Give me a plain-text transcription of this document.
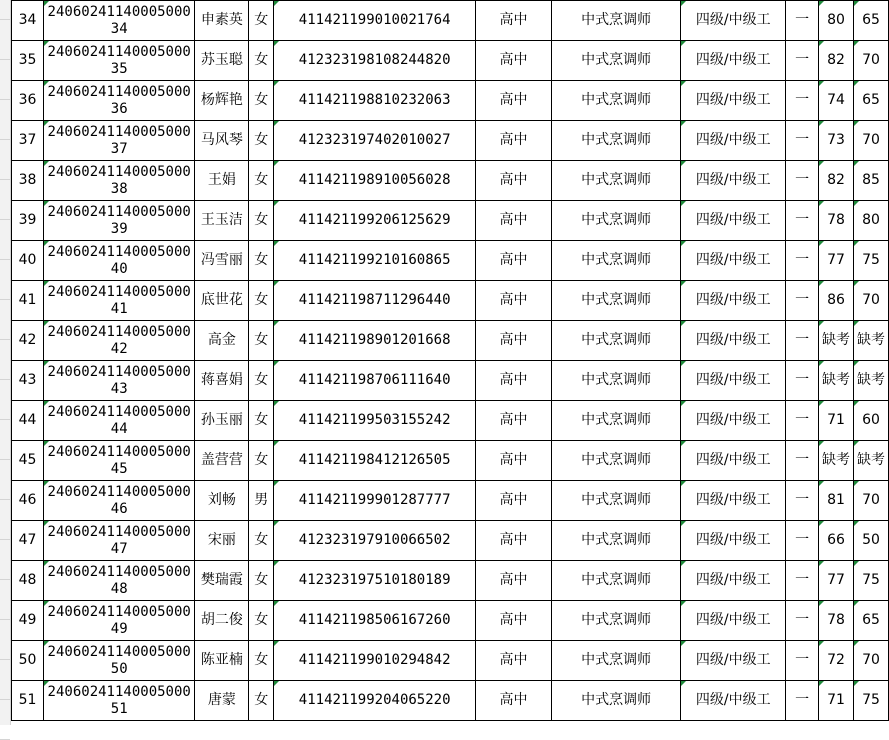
34	2406024114000500034	申素英	女	411421199010021764	高中	中式烹调师	四级/中级工	一	80	65
35	2406024114000500035	苏玉聪	女	412323198108244820	高中	中式烹调师	四级/中级工	一	82	70
36	2406024114000500036	杨辉艳	女	411421198810232063	高中	中式烹调师	四级/中级工	一	74	65
37	2406024114000500037	马风琴	女	412323197402010027	高中	中式烹调师	四级/中级工	一	73	70
38	2406024114000500038	王娟	女	411421198910056028	高中	中式烹调师	四级/中级工	一	82	85
39	2406024114000500039	王玉洁	女	411421199206125629	高中	中式烹调师	四级/中级工	一	78	80
40	2406024114000500040	冯雪丽	女	411421199210160865	高中	中式烹调师	四级/中级工	一	77	75
41	2406024114000500041	底世花	女	411421198711296440	高中	中式烹调师	四级/中级工	一	86	70
42	2406024114000500042	高金	女	411421198901201668	高中	中式烹调师	四级/中级工	一	缺考	缺考
43	2406024114000500043	蒋喜娟	女	411421198706111640	高中	中式烹调师	四级/中级工	一	缺考	缺考
44	2406024114000500044	孙玉丽	女	411421199503155242	高中	中式烹调师	四级/中级工	一	71	60
45	2406024114000500045	盖营营	女	411421198412126505	高中	中式烹调师	四级/中级工	一	缺考	缺考
46	2406024114000500046	刘畅	男	411421199901287777	高中	中式烹调师	四级/中级工	一	81	70
47	2406024114000500047	宋丽	女	412323197910066502	高中	中式烹调师	四级/中级工	一	66	50
48	2406024114000500048	樊瑞霞	女	412323197510180189	高中	中式烹调师	四级/中级工	一	77	75
49	2406024114000500049	胡二俊	女	411421198506167260	高中	中式烹调师	四级/中级工	一	78	65
50	2406024114000500050	陈亚楠	女	411421199010294842	高中	中式烹调师	四级/中级工	一	72	70
51	2406024114000500051	唐蒙	女	411421199204065220	高中	中式烹调师	四级/中级工	一	71	75
